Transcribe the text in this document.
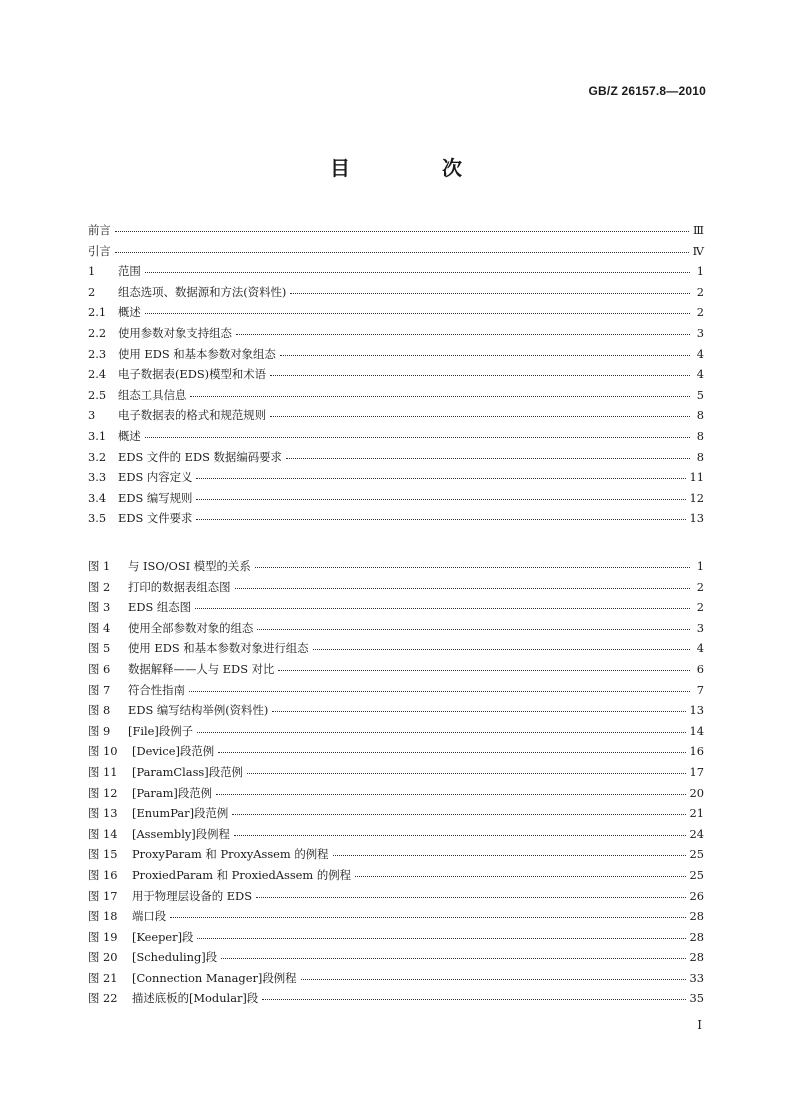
GB/Z 26157.8—2010
目　次
前言	Ⅲ
引言	Ⅳ
1	范围	1
2	组态选项、数据源和方法(资料性)	2
2.1	概述	2
2.2	使用参数对象支持组态	3
2.3	使用 EDS 和基本参数对象组态	4
2.4	电子数据表(EDS)模型和术语	4
2.5	组态工具信息	5
3	电子数据表的格式和规范规则	8
3.1	概述	8
3.2	EDS 文件的 EDS 数据编码要求	8
3.3	EDS 内容定义	11
3.4	EDS 编写规则	12
3.5	EDS 文件要求	13
图 1	与 ISO/OSI 模型的关系	1
图 2	打印的数据表组态图	2
图 3	EDS 组态图	2
图 4	使用全部参数对象的组态	3
图 5	使用 EDS 和基本参数对象进行组态	4
图 6	数据解释——人与 EDS 对比	6
图 7	符合性指南	7
图 8	EDS 编写结构举例(资料性)	13
图 9	[File]段例子	14
图 10	[Device]段范例	16
图 11	[ParamClass]段范例	17
图 12	[Param]段范例	20
图 13	[EnumPar]段范例	21
图 14	[Assembly]段例程	24
图 15	ProxyParam 和 ProxyAssem 的例程	25
图 16	ProxiedParam 和 ProxiedAssem 的例程	25
图 17	用于物理层设备的 EDS	26
图 18	端口段	28
图 19	[Keeper]段	28
图 20	[Scheduling]段	28
图 21	[Connection Manager]段例程	33
图 22	描述底板的[Modular]段	35
I
